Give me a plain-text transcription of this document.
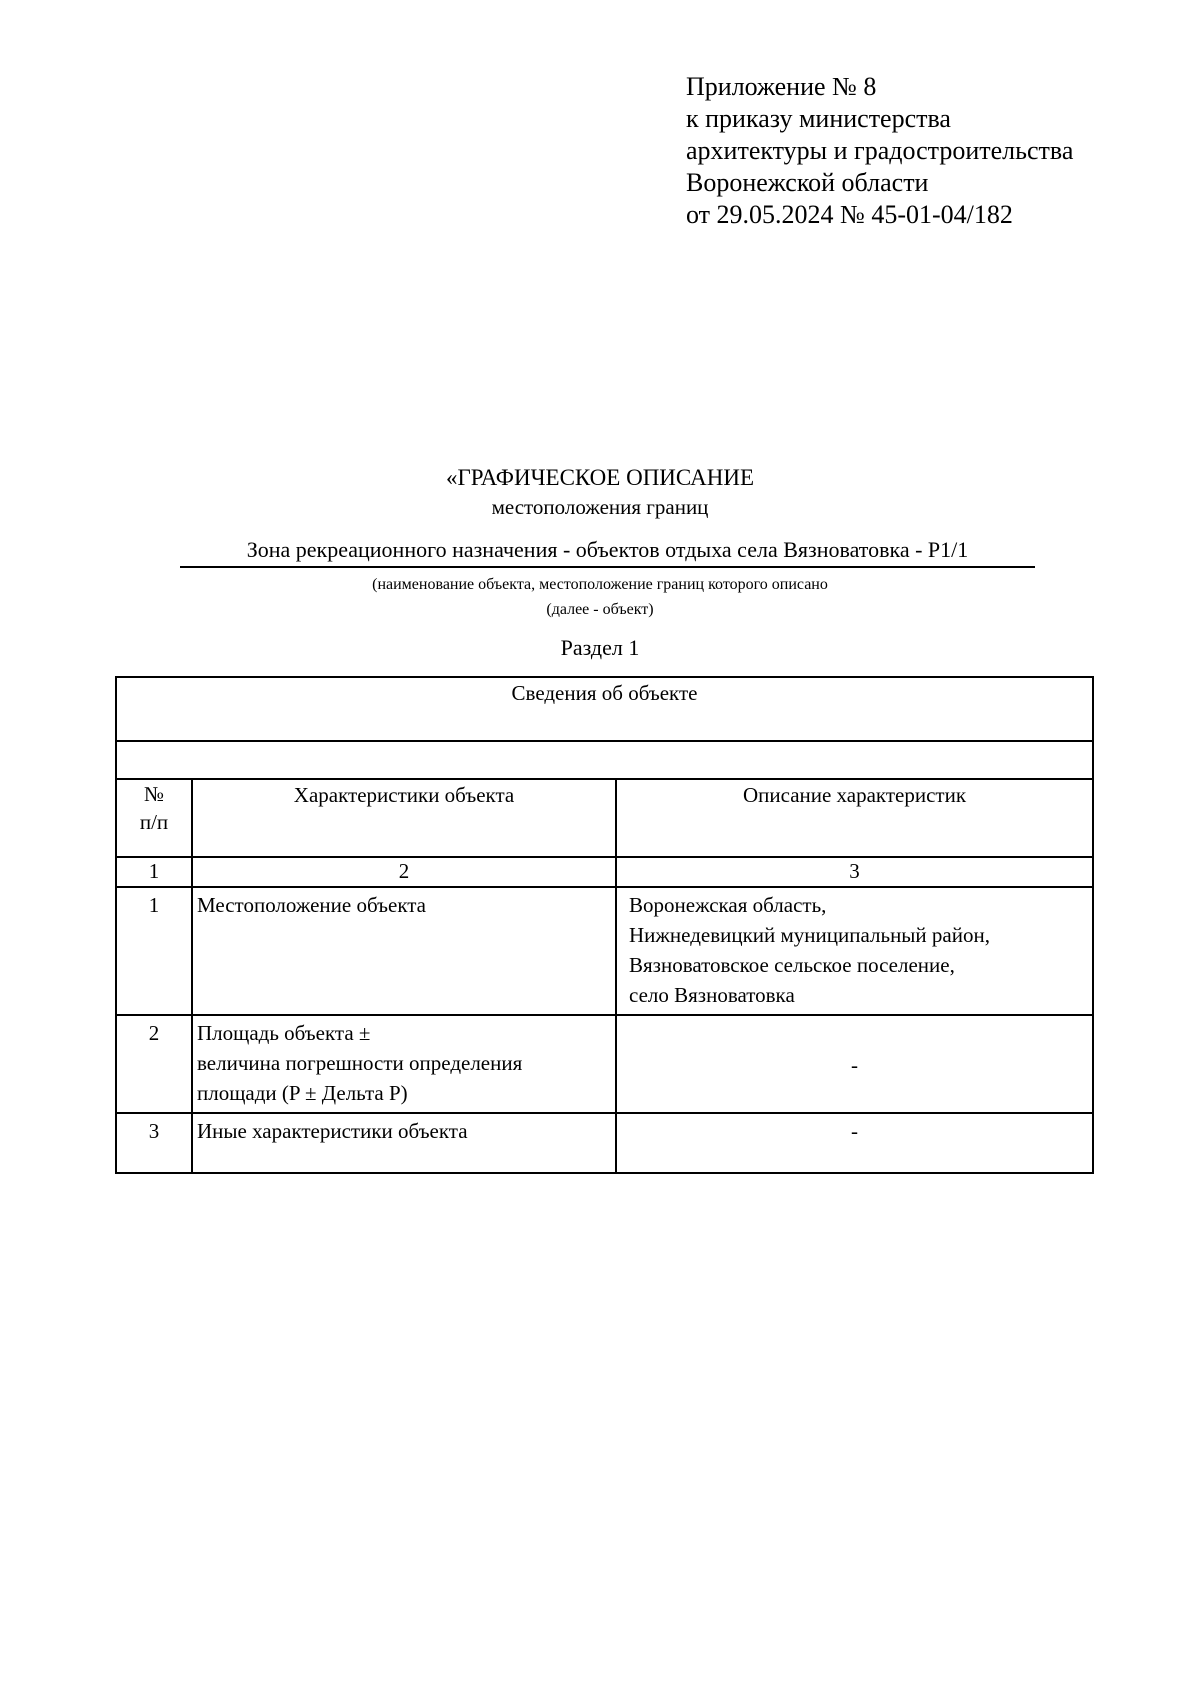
Приложение № 8
к приказу министерства
архитектуры и градостроительства
Воронежской области
от 29.05.2024 № 45-01-04/182
«ГРАФИЧЕСКОЕ ОПИСАНИЕ
местоположения границ
Зона рекреационного назначения - объектов отдыха села Вязноватовка - Р1/1
(наименование объекта, местоположение границ которого описано
(далее - объект)
Раздел 1
Сведения об объекте		

№
п/п	Характеристики объекта	Описание характеристик
1	2	3
1	Местоположение объекта	Воронежская область,
Нижнедевицкий муниципальный район,
Вязноватовское сельское поселение,
село Вязноватовка

2	Площадь объекта ±
величина погрешности определения
площади (P ± Дельта P)	-
3	Иные характеристики объекта	-
